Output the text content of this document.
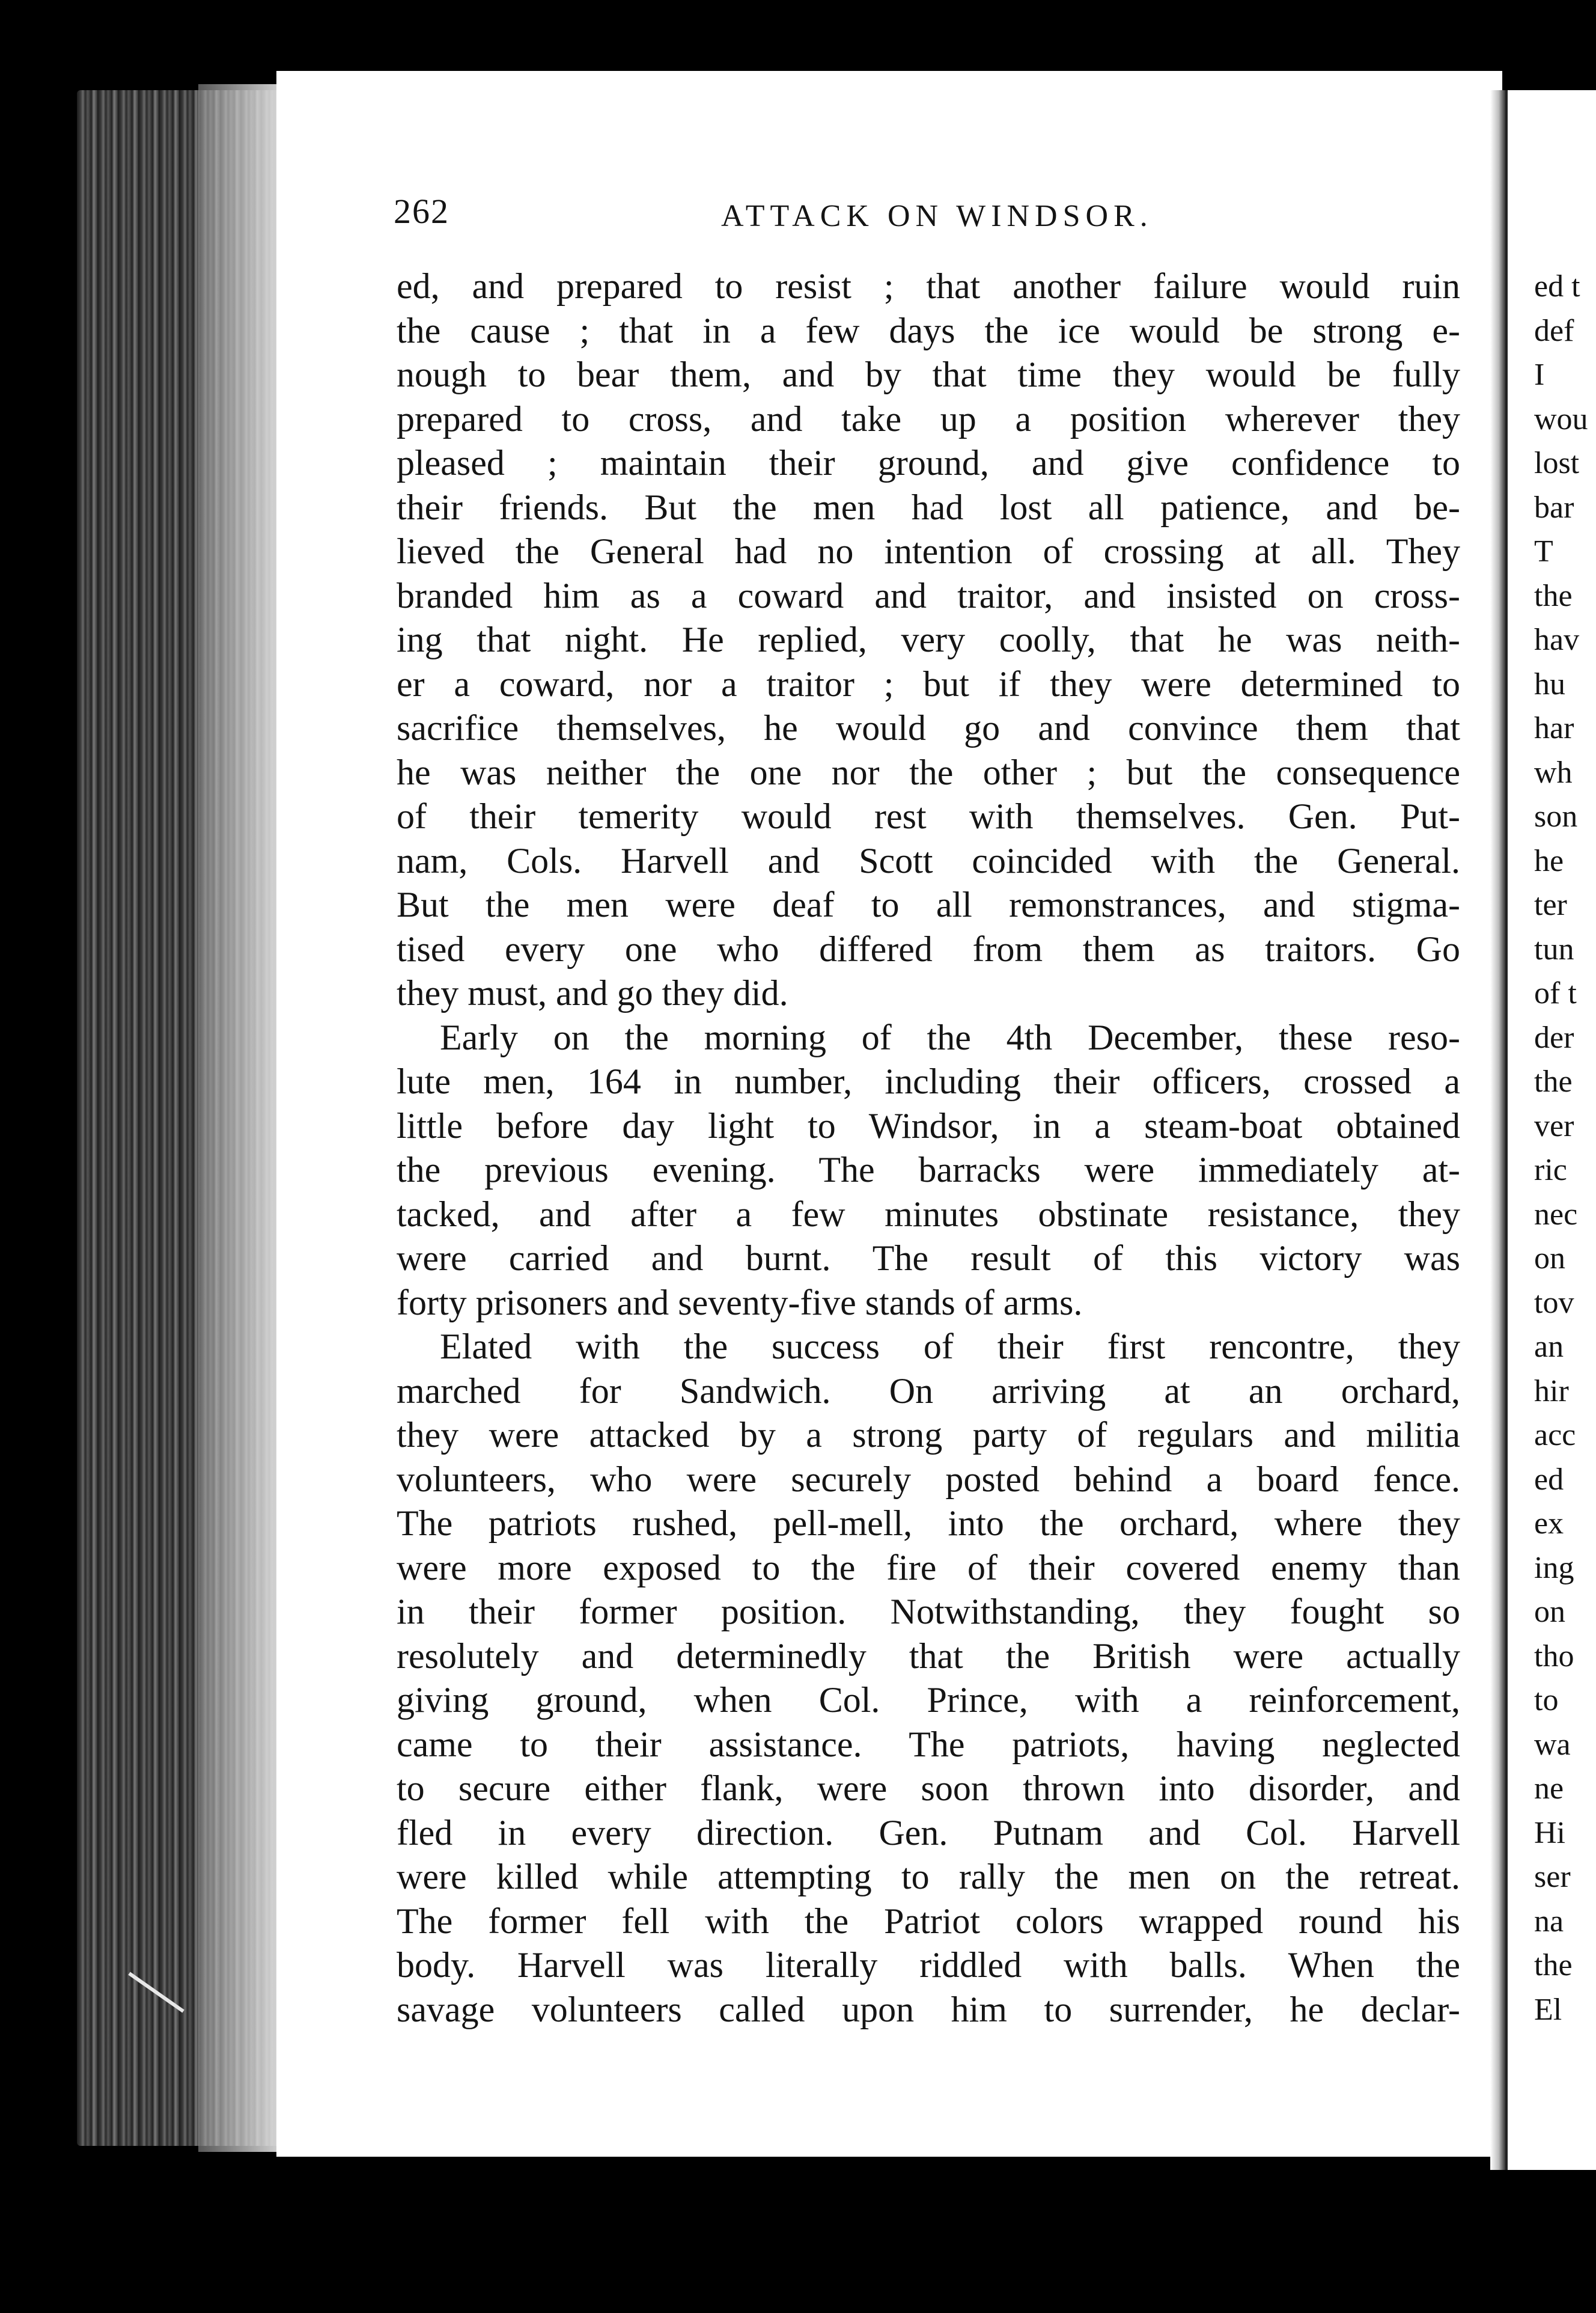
262	ATTACK ON WINDSOR.
ed, and prepared to resist ; that another failure would ruin
the cause ; that in a few days the ice would be strong e-
nough to bear them, and by that time they would be fully
prepared to cross, and take up a position wherever they
pleased ; maintain their ground, and give confidence to
their friends. But the men had lost all patience, and be-
lieved the General had no intention of crossing at all. They
branded him as a coward and traitor, and insisted on cross-
ing that night. He replied, very coolly, that he was neith-
er a coward, nor a traitor ; but if they were determined to
sacrifice themselves, he would go and convince them that
he was neither the one nor the other ; but the consequence
of their temerity would rest with themselves. Gen. Put-
nam, Cols. Harvell and Scott coincided with the General.
But the men were deaf to all remonstrances, and stigma-
tised every one who differed from them as traitors. Go
they must, and go they did.
Early on the morning of the 4th December, these reso-
lute men, 164 in number, including their officers, crossed a
little before day light to Windsor, in a steam-boat obtained
the previous evening. The barracks were immediately at-
tacked, and after a few minutes obstinate resistance, they
were carried and burnt. The result of this victory was
forty prisoners and seventy-five stands of arms.
Elated with the success of their first rencontre, they
marched for Sandwich. On arriving at an orchard,
they were attacked by a strong party of regulars and militia
volunteers, who were securely posted behind a board fence.
The patriots rushed, pell-mell, into the orchard, where they
were more exposed to the fire of their covered enemy than
in their former position. Notwithstanding, they fought so
resolutely and determinedly that the British were actually
giving ground, when Col. Prince, with a reinforcement,
came to their assistance. The patriots, having neglected
to secure either flank, were soon thrown into disorder, and
fled in every direction. Gen. Putnam and Col. Harvell
were killed while attempting to rally the men on the retreat.
The former fell with the Patriot colors wrapped round his
body. Harvell was literally riddled with balls. When the
savage volunteers called upon him to surrender, he declar-
ed t
def
I
wou
lost
bar
T
the
hav
hu
har
wh
son
he
ter
tun
of t
der
the
ver
ric
nec
on
tov
an
hir
acc
ed
ex
ing
on
tho
to
wa
ne
Hi
ser
na
the
El
